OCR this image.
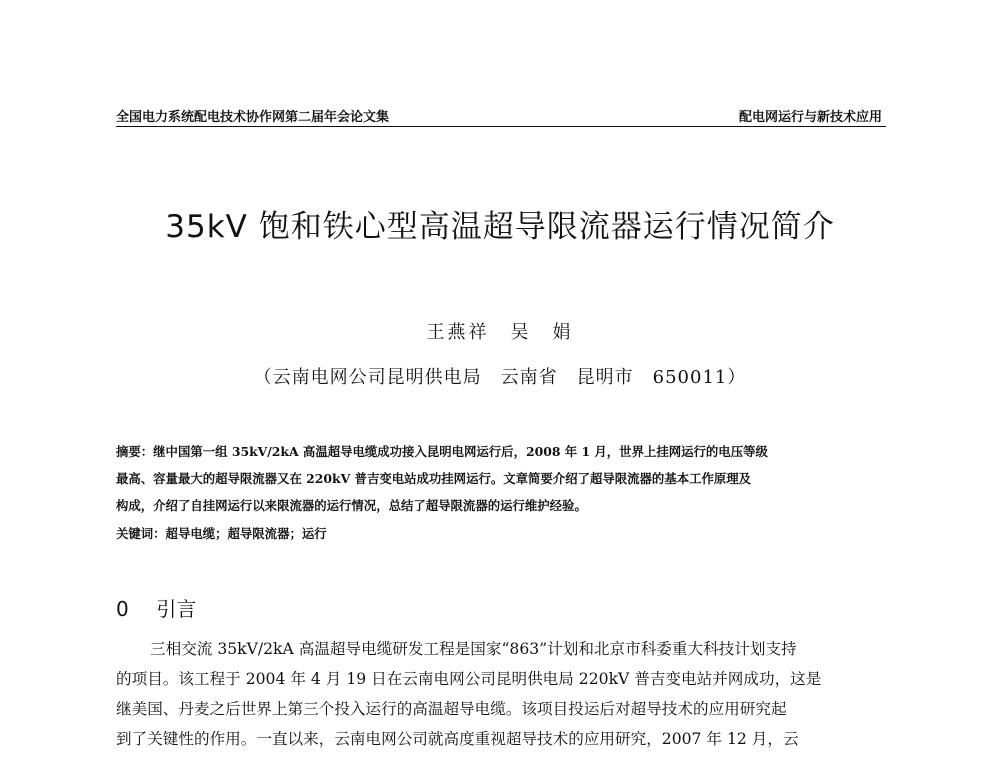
全国电力系统配电技术协作网第二届年会论文集	配电网运行与新技术应用
35kV 饱和铁心型高温超导限流器运行情况简介
王燕祥　吴　娟
（云南电网公司昆明供电局　云南省　昆明市　650011）
摘要：继中国第一组 35kV/2kA 高温超导电缆成功接入昆明电网运行后，2008 年 1 月，世界上挂网运行的电压等级
最高、容量最大的超导限流器又在 220kV 普吉变电站成功挂网运行。文章简要介绍了超导限流器的基本工作原理及
构成，介绍了自挂网运行以来限流器的运行情况，总结了超导限流器的运行维护经验。
关键词：超导电缆；超导限流器；运行
0 引言
三相交流 35kV/2kA 高温超导电缆研发工程是国家“863”计划和北京市科委重大科技计划支持
的项目。该工程于 2004 年 4 月 19 日在云南电网公司昆明供电局 220kV 普吉变电站并网成功，这是
继美国、丹麦之后世界上第三个投入运行的高温超导电缆。该项目投运后对超导技术的应用研究起
到了关键性的作用。一直以来，云南电网公司就高度重视超导技术的应用研究，2007 年 12 月，云
